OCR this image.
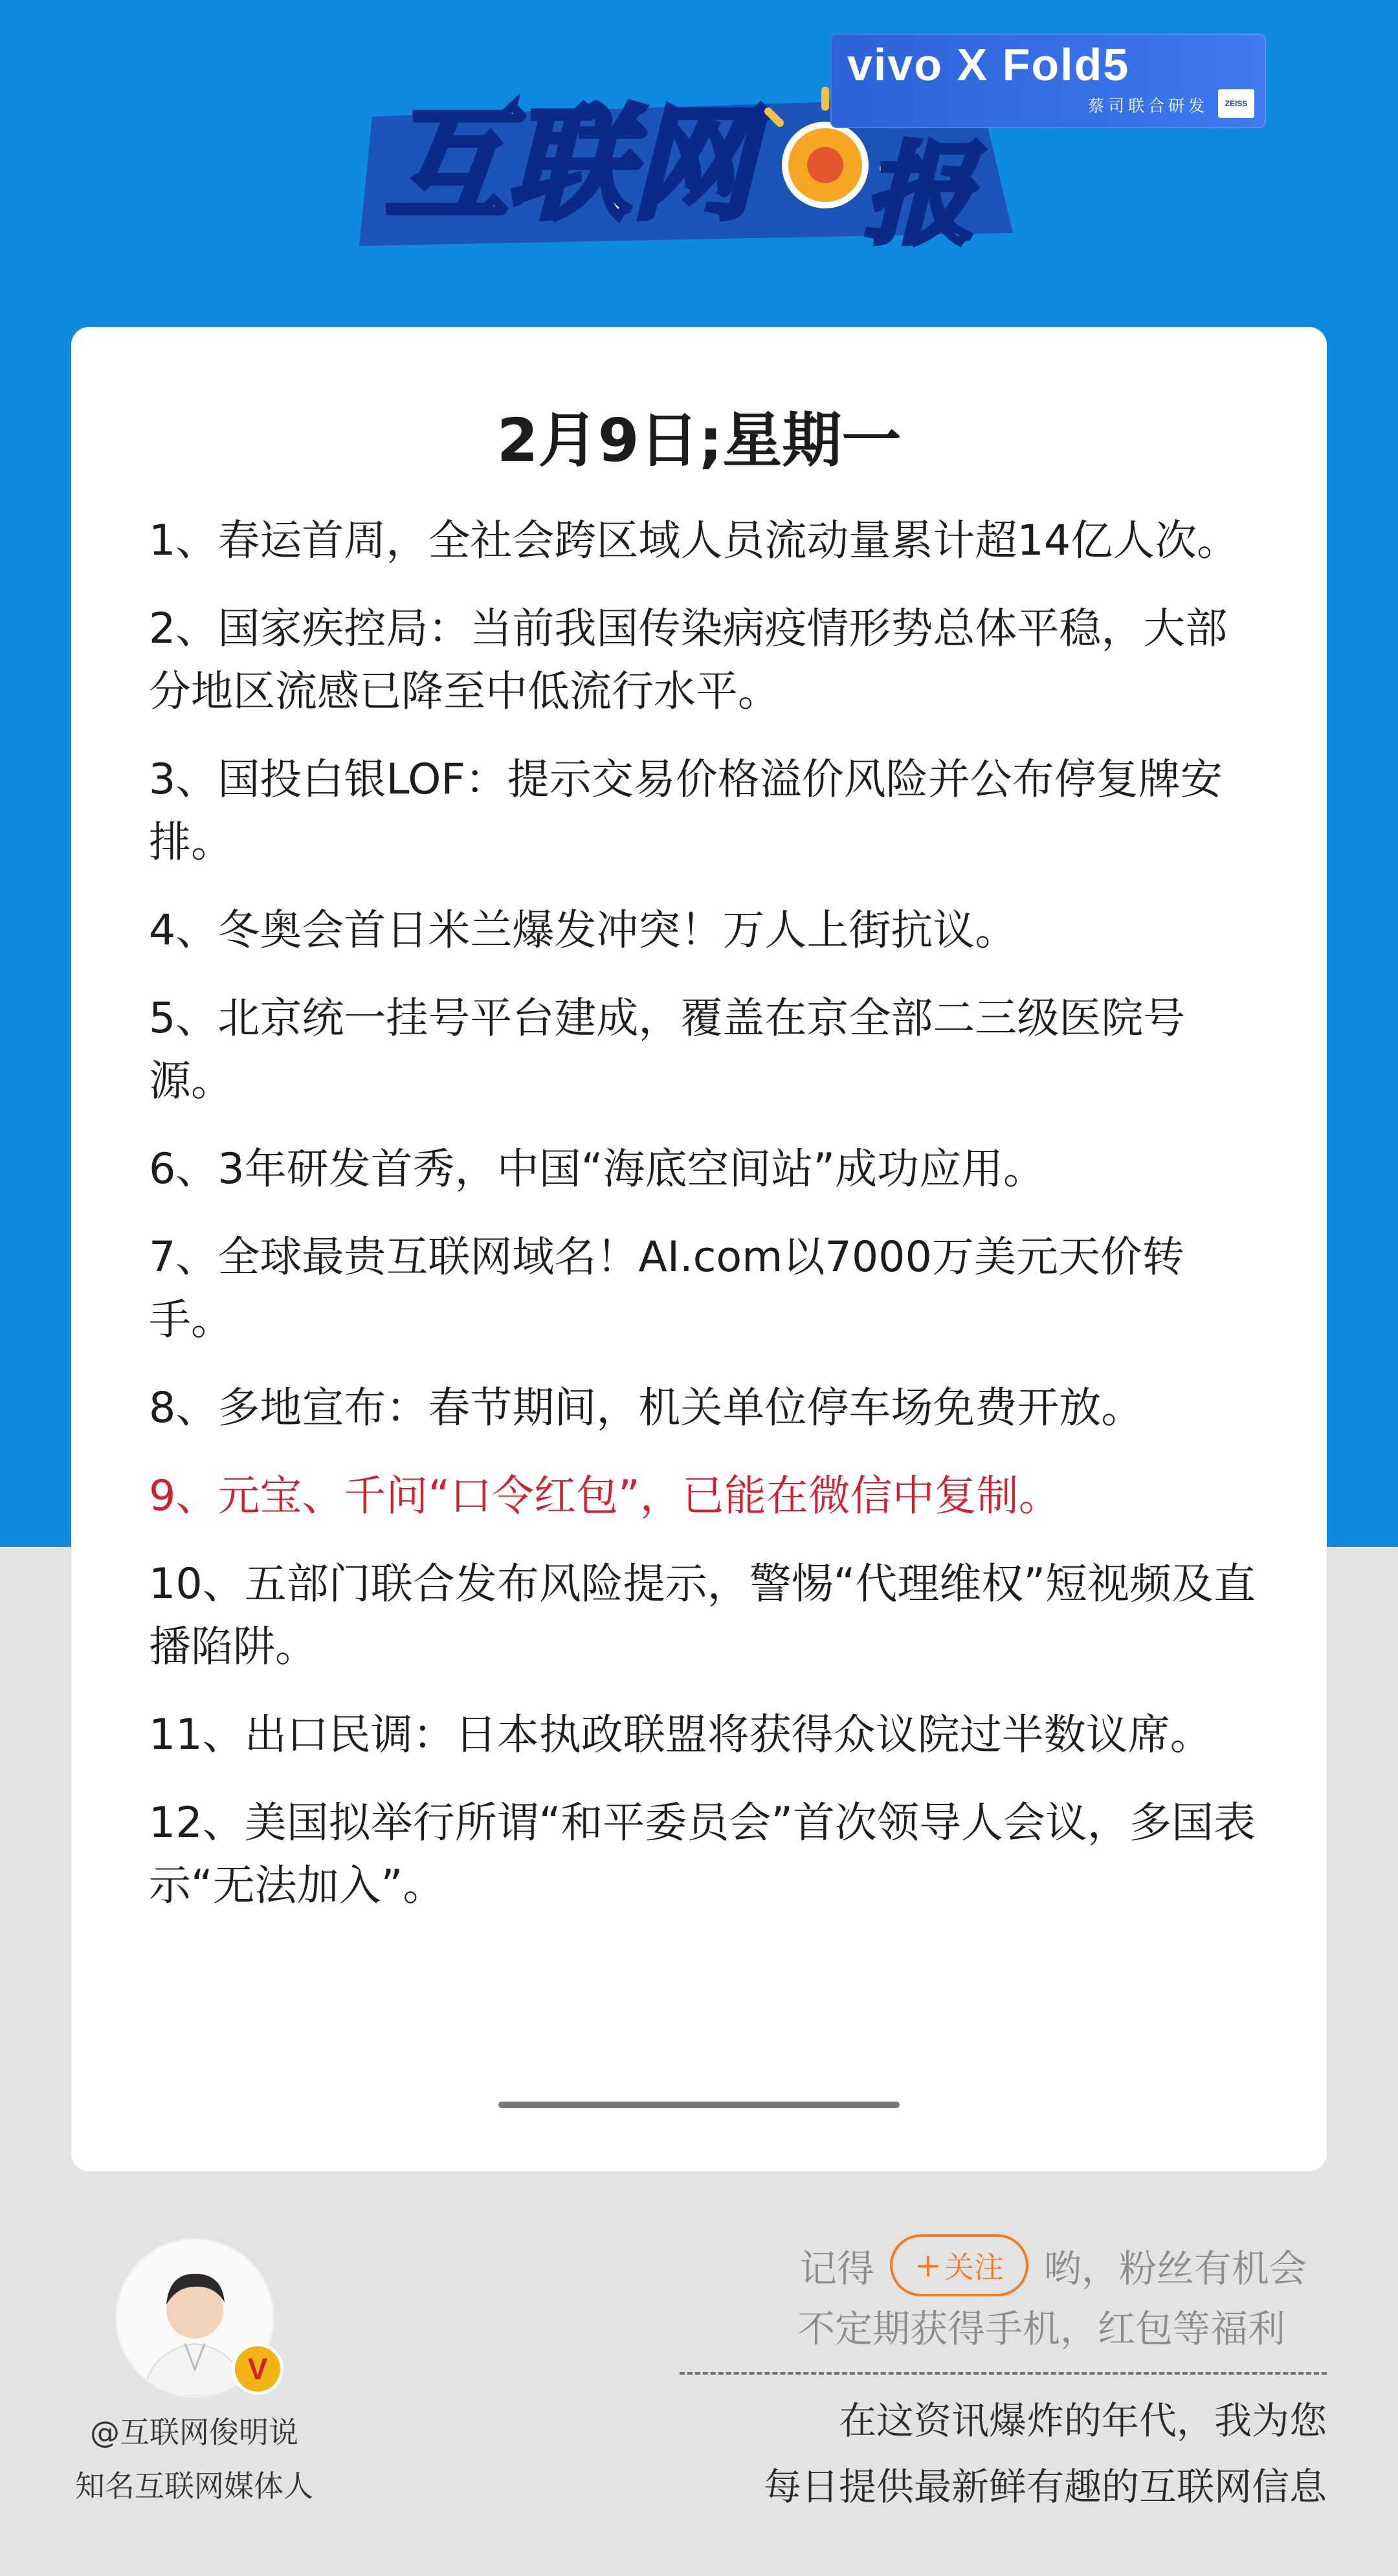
互联网 报
vivo X Fold5
蔡司联合研发	ZEISS
2月9日;星期一
1、春运首周，全社会跨区域人员流动量累计超14亿人次。
2、国家疾控局：当前我国传染病疫情形势总体平稳，大部分地区流感已降至中低流行水平。
3、国投白银LOF：提示交易价格溢价风险并公布停复牌安排。
4、冬奥会首日米兰爆发冲突！万人上街抗议。
5、北京统一挂号平台建成，覆盖在京全部二三级医院号源。
6、3年研发首秀，中国“海底空间站”成功应用。
7、全球最贵互联网域名！AI.com以7000万美元天价转手。
8、多地宣布：春节期间，机关单位停车场免费开放。
9、元宝、千问“口令红包”，已能在微信中复制。
10、五部门联合发布风险提示，警惕“代理维权”短视频及直播陷阱。
11、出口民调：日本执政联盟将获得众议院过半数议席。
12、美国拟举行所谓“和平委员会”首次领导人会议，多国表示“无法加入”。
V
@互联网俊明说
知名互联网媒体人
记得 + 关注 哟，粉丝有机会
不定期获得手机，红包等福利
在这资讯爆炸的年代，我为您
每日提供最新鲜有趣的互联网信息
